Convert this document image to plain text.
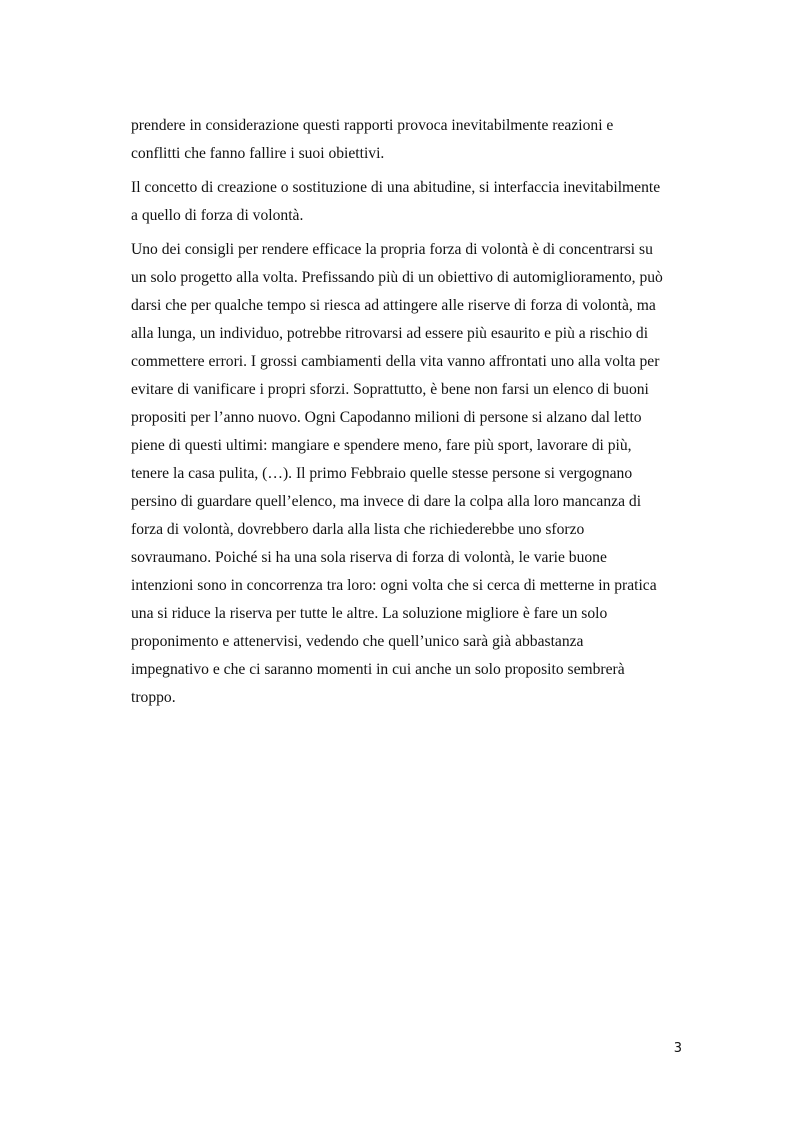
prendere in considerazione questi rapporti provoca inevitabilmente reazioni e
conflitti che fanno fallire i suoi obiettivi.

Il concetto di creazione o sostituzione di una abitudine, si interfaccia inevitabilmente
a quello di forza di volontà.

Uno dei consigli per rendere efficace la propria forza di volontà è di concentrarsi su
un solo progetto alla volta. Prefissando più di un obiettivo di automiglioramento, può
darsi che per qualche tempo si riesca ad attingere alle riserve di forza di volontà, ma
alla lunga, un individuo, potrebbe ritrovarsi ad essere più esaurito e più a rischio di
commettere errori. I grossi cambiamenti della vita vanno affrontati uno alla volta per
evitare di vanificare i propri sforzi. Soprattutto, è bene non farsi un elenco di buoni
propositi per l’anno nuovo. Ogni Capodanno milioni di persone si alzano dal letto
piene di questi ultimi: mangiare e spendere meno, fare più sport, lavorare di più,
tenere la casa pulita, (…). Il primo Febbraio quelle stesse persone si vergognano
persino di guardare quell’elenco, ma invece di dare la colpa alla loro mancanza di
forza di volontà, dovrebbero darla alla lista che richiederebbe uno sforzo
sovraumano. Poiché si ha una sola riserva di forza di volontà, le varie buone
intenzioni sono in concorrenza tra loro: ogni volta che si cerca di metterne in pratica
una si riduce la riserva per tutte le altre. La soluzione migliore è fare un solo
proponimento e attenervisi, vedendo che quell’unico sarà già abbastanza
impegnativo e che ci saranno momenti in cui anche un solo proposito sembrerà
troppo.

3
